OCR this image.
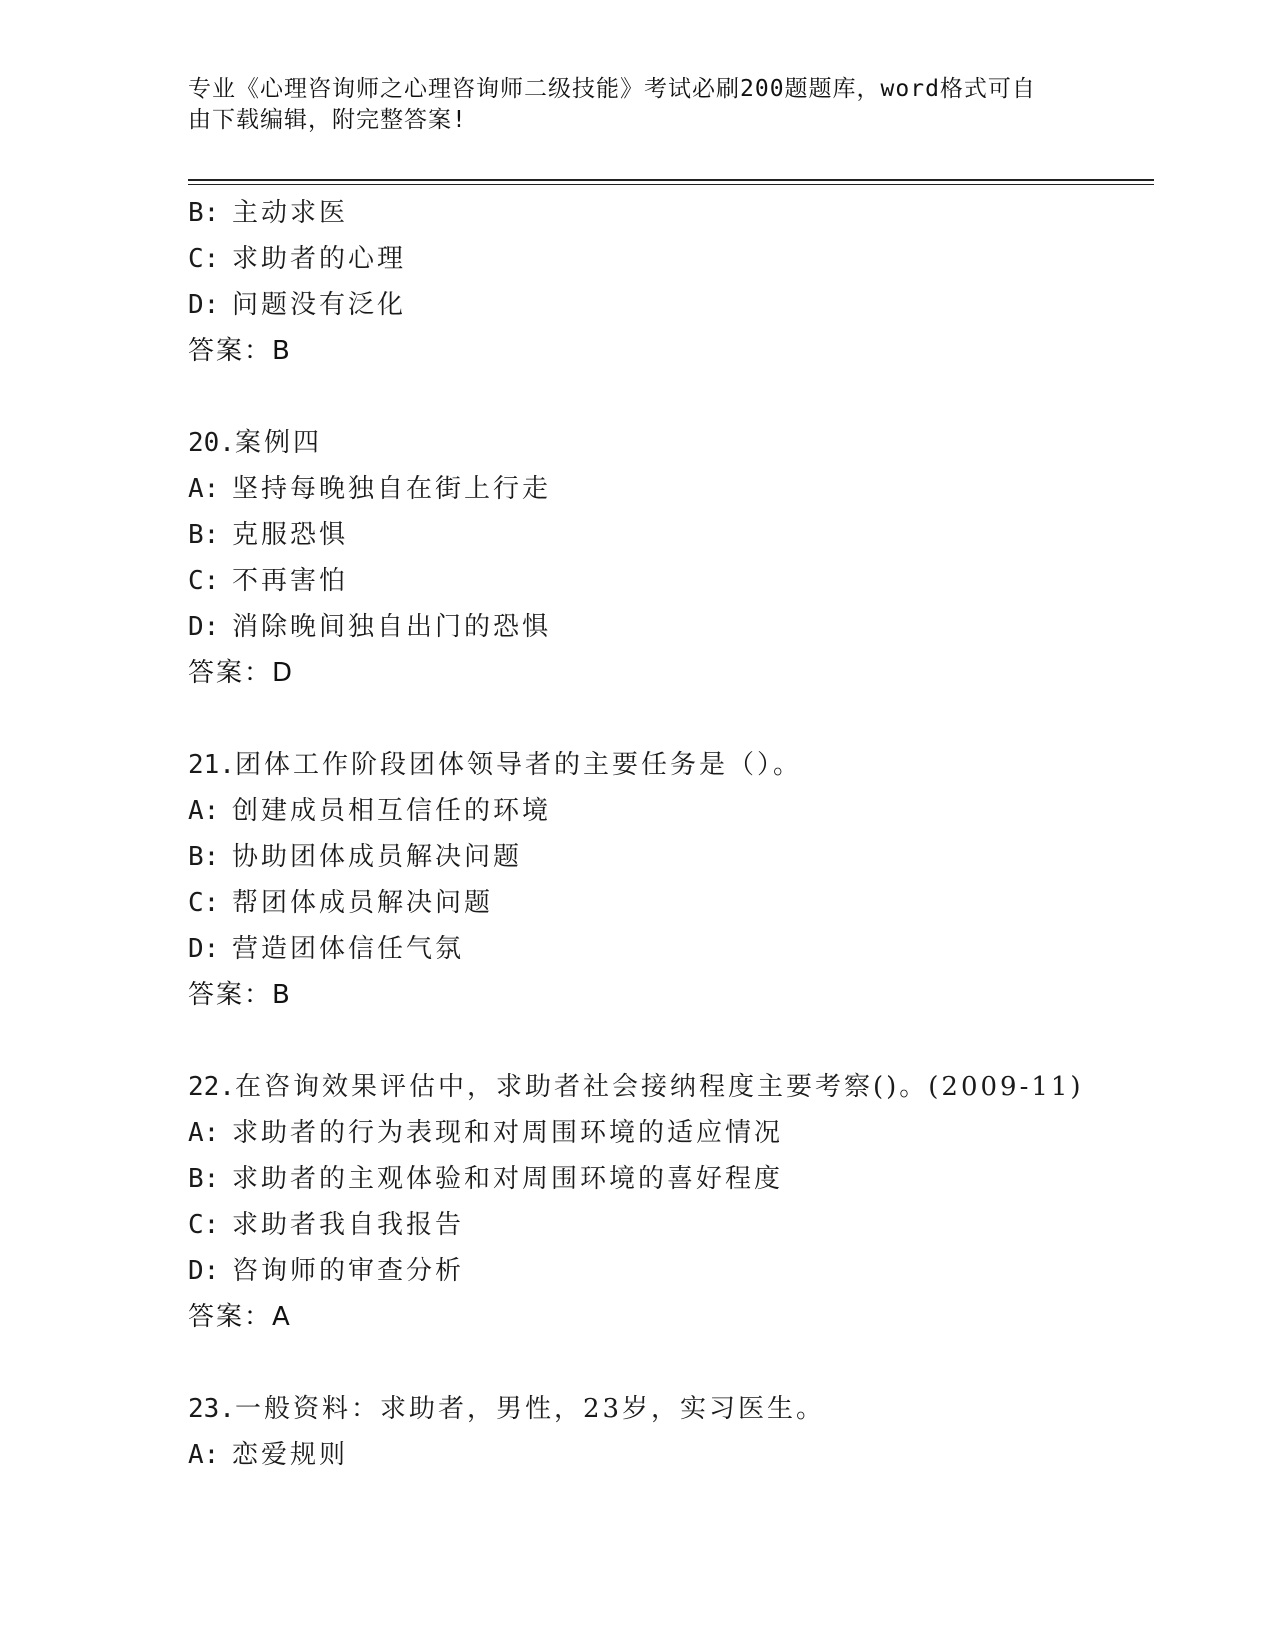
专业《心理咨询师之心理咨询师二级技能》考试必刷200题题库，word格式可自
由下载编辑，附完整答案!
B: 主动求医
C: 求助者的心理
D: 问题没有泛化
答案：B
20.案例四
A: 坚持每晚独自在街上行走
B: 克服恐惧
C: 不再害怕
D: 消除晚间独自出门的恐惧
答案：D
21.团体工作阶段团体领导者的主要任务是（）。
A: 创建成员相互信任的环境
B: 协助团体成员解决问题
C: 帮团体成员解决问题
D: 营造团体信任气氛
答案：B
22.在咨询效果评估中，求助者社会接纳程度主要考察()。(2009-11)
A: 求助者的行为表现和对周围环境的适应情况
B: 求助者的主观体验和对周围环境的喜好程度
C: 求助者我自我报告
D: 咨询师的审查分析
答案：A
23.一般资料：求助者，男性，23岁，实习医生。
A: 恋爱规则
